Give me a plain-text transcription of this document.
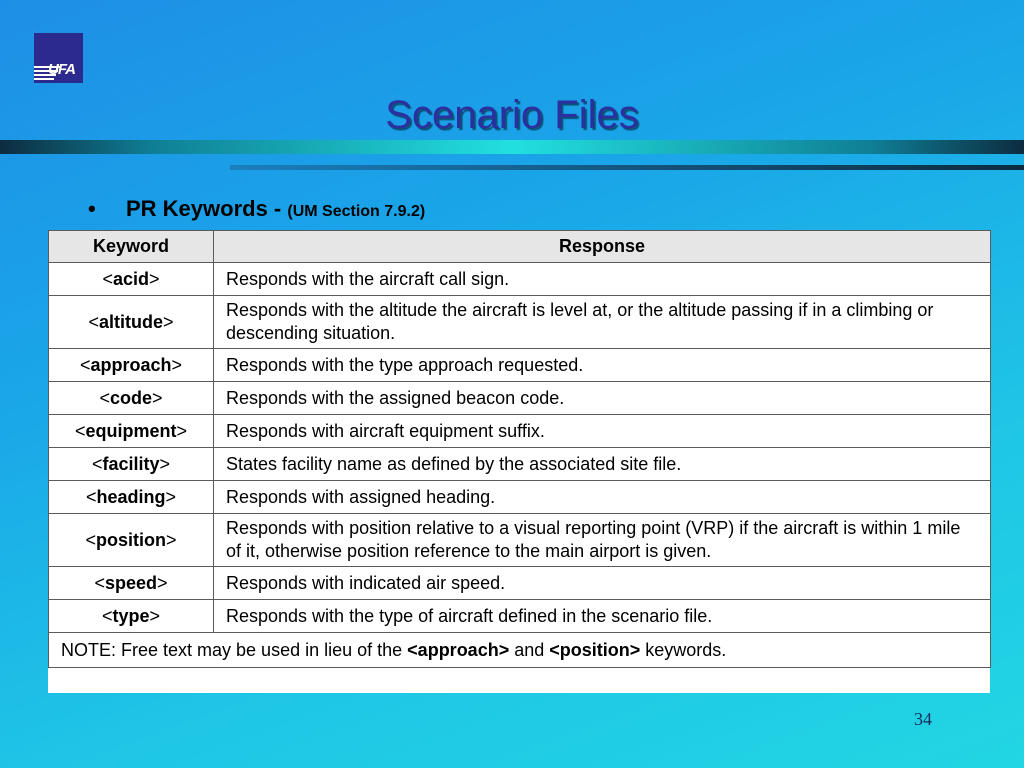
UFA
Scenario Files
• PR Keywords - (UM Section 7.9.2)
Keyword	Response
<acid>	Responds with the aircraft call sign.
<altitude>	Responds with the altitude the aircraft is level at, or the altitude passing if in a climbing or descending situation.
<approach>	Responds with the type approach requested.
<code>	Responds with the assigned beacon code.
<equipment>	Responds with aircraft equipment suffix.
<facility>	States facility name as defined by the associated site file.
<heading>	Responds with assigned heading.
<position>	Responds with position relative to a visual reporting point (VRP) if the aircraft is within 1 mile of it, otherwise position reference to the main airport is given.
<speed>	Responds with indicated air speed.
<type>	Responds with the type of aircraft defined in the scenario file.
NOTE: Free text may be used in lieu of the <approach> and <position> keywords.	
34
